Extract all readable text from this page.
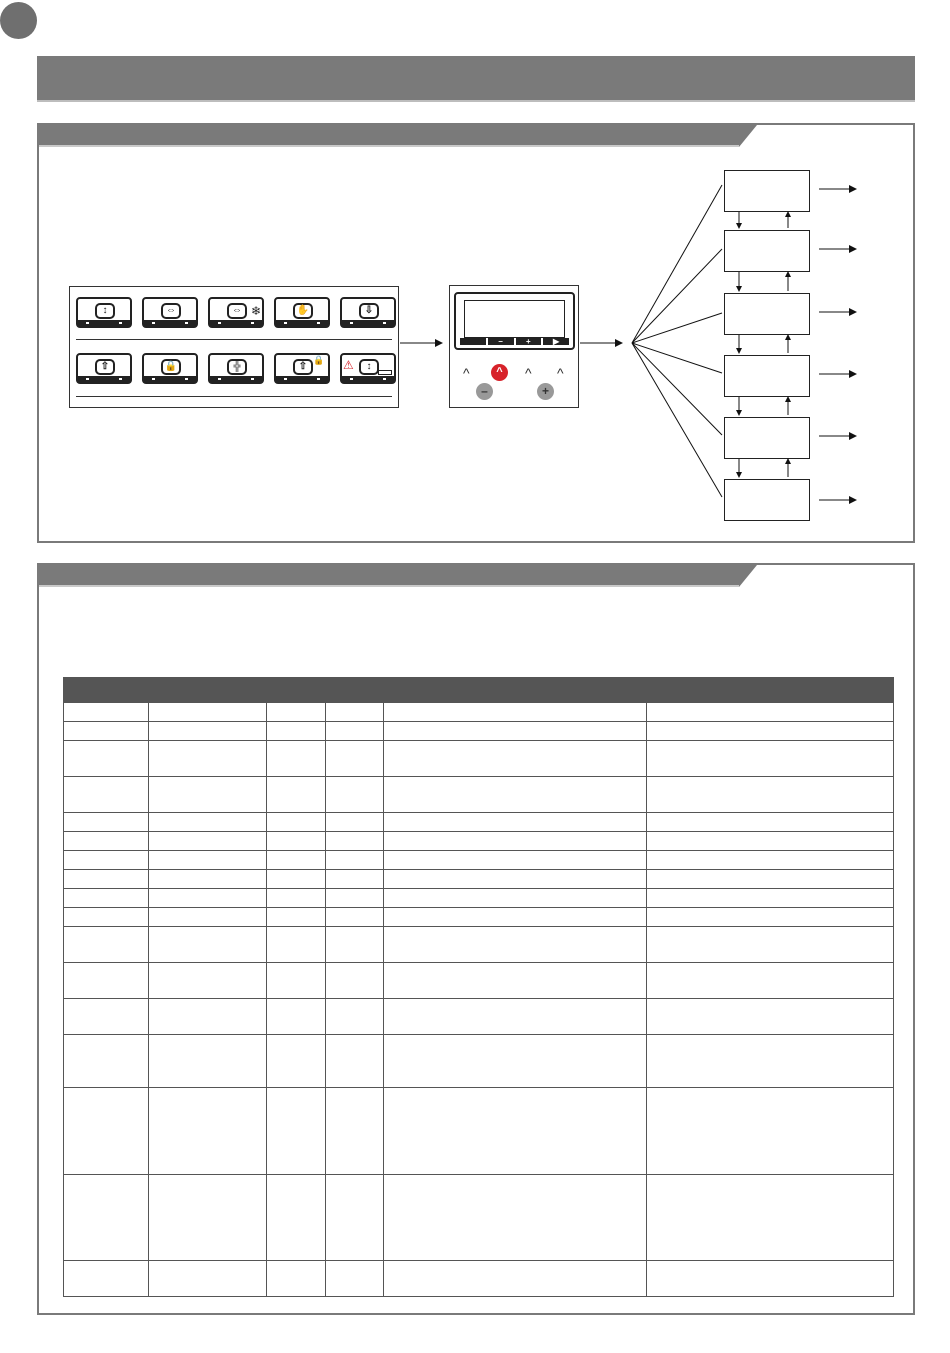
↕	⇔	⇔ ❄	✋	⇩
⇧	🔒	╬	⇧
🔒
↕
⚠
–	+	▶
^	^
–
^ ^
+
